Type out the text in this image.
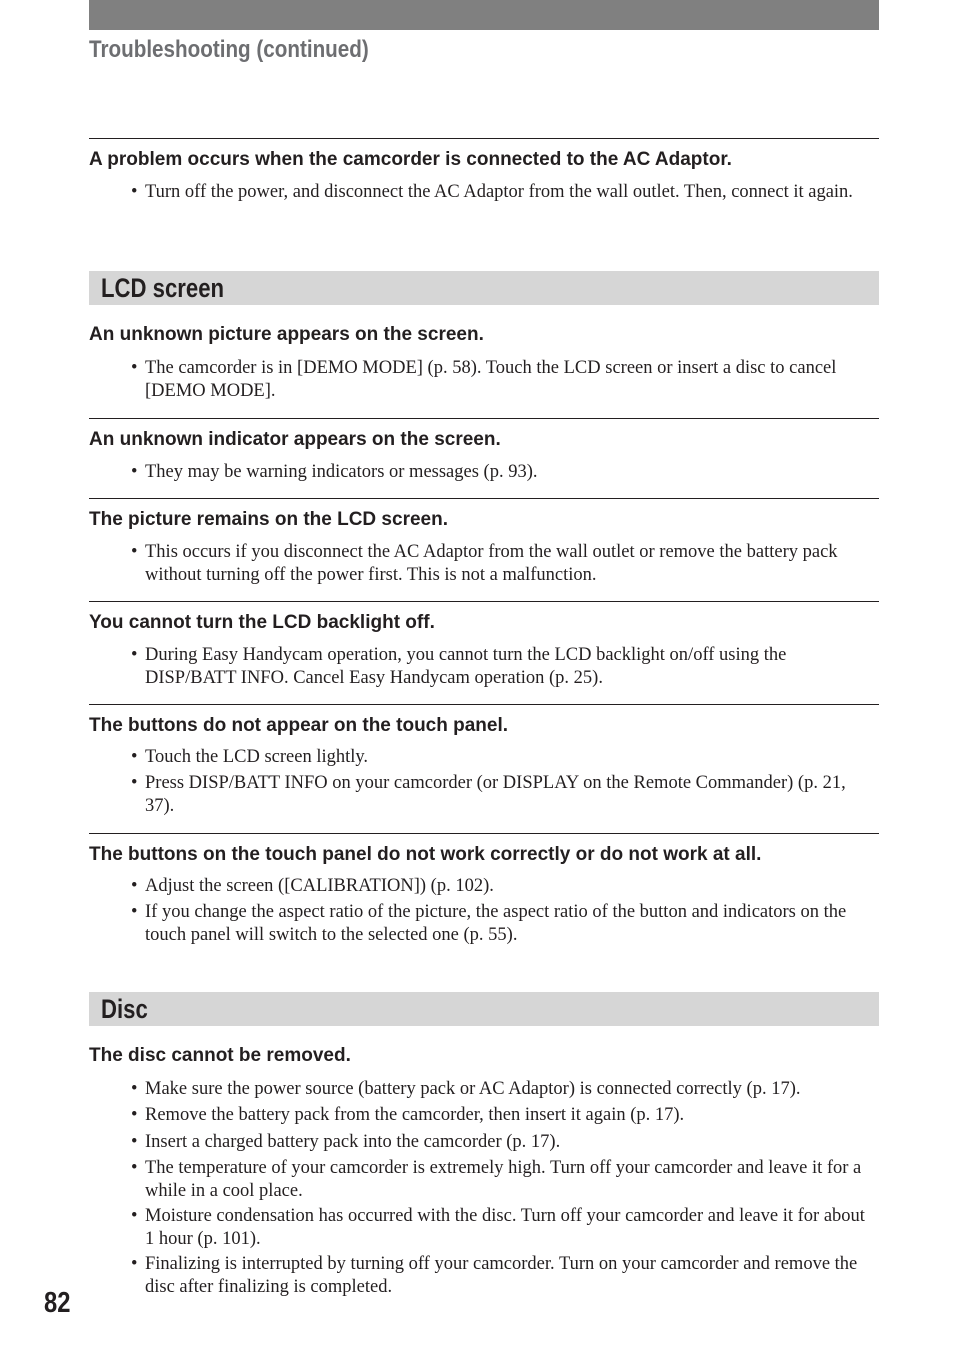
Troubleshooting (continued)
A problem occurs when the camcorder is connected to the AC Adaptor.
• Turn off the power, and disconnect the AC Adaptor from the wall outlet. Then, connect it again.
LCD screen
An unknown picture appears on the screen.
• The camcorder is in [DEMO MODE] (p. 58). Touch the LCD screen or insert a disc to cancel [DEMO MODE].
An unknown indicator appears on the screen.
• They may be warning indicators or messages (p. 93).
The picture remains on the LCD screen.
• This occurs if you disconnect the AC Adaptor from the wall outlet or remove the battery pack without turning off the power first. This is not a malfunction.
You cannot turn the LCD backlight off.
• During Easy Handycam operation, you cannot turn the LCD backlight on/off using the DISP/BATT INFO. Cancel Easy Handycam operation (p. 25).
The buttons do not appear on the touch panel.
• Touch the LCD screen lightly.
• Press DISP/BATT INFO on your camcorder (or DISPLAY on the Remote Commander) (p. 21, 37).
The buttons on the touch panel do not work correctly or do not work at all.
• Adjust the screen ([CALIBRATION]) (p. 102).
• If you change the aspect ratio of the picture, the aspect ratio of the button and indicators on the touch panel will switch to the selected one (p. 55).
Disc
The disc cannot be removed.
• Make sure the power source (battery pack or AC Adaptor) is connected correctly (p. 17).
• Remove the battery pack from the camcorder, then insert it again (p. 17).
• Insert a charged battery pack into the camcorder (p. 17).
• The temperature of your camcorder is extremely high. Turn off your camcorder and leave it for a while in a cool place.
• Moisture condensation has occurred with the disc. Turn off your camcorder and leave it for about 1 hour (p. 101).
• Finalizing is interrupted by turning off your camcorder. Turn on your camcorder and remove the disc after finalizing is completed.
82
